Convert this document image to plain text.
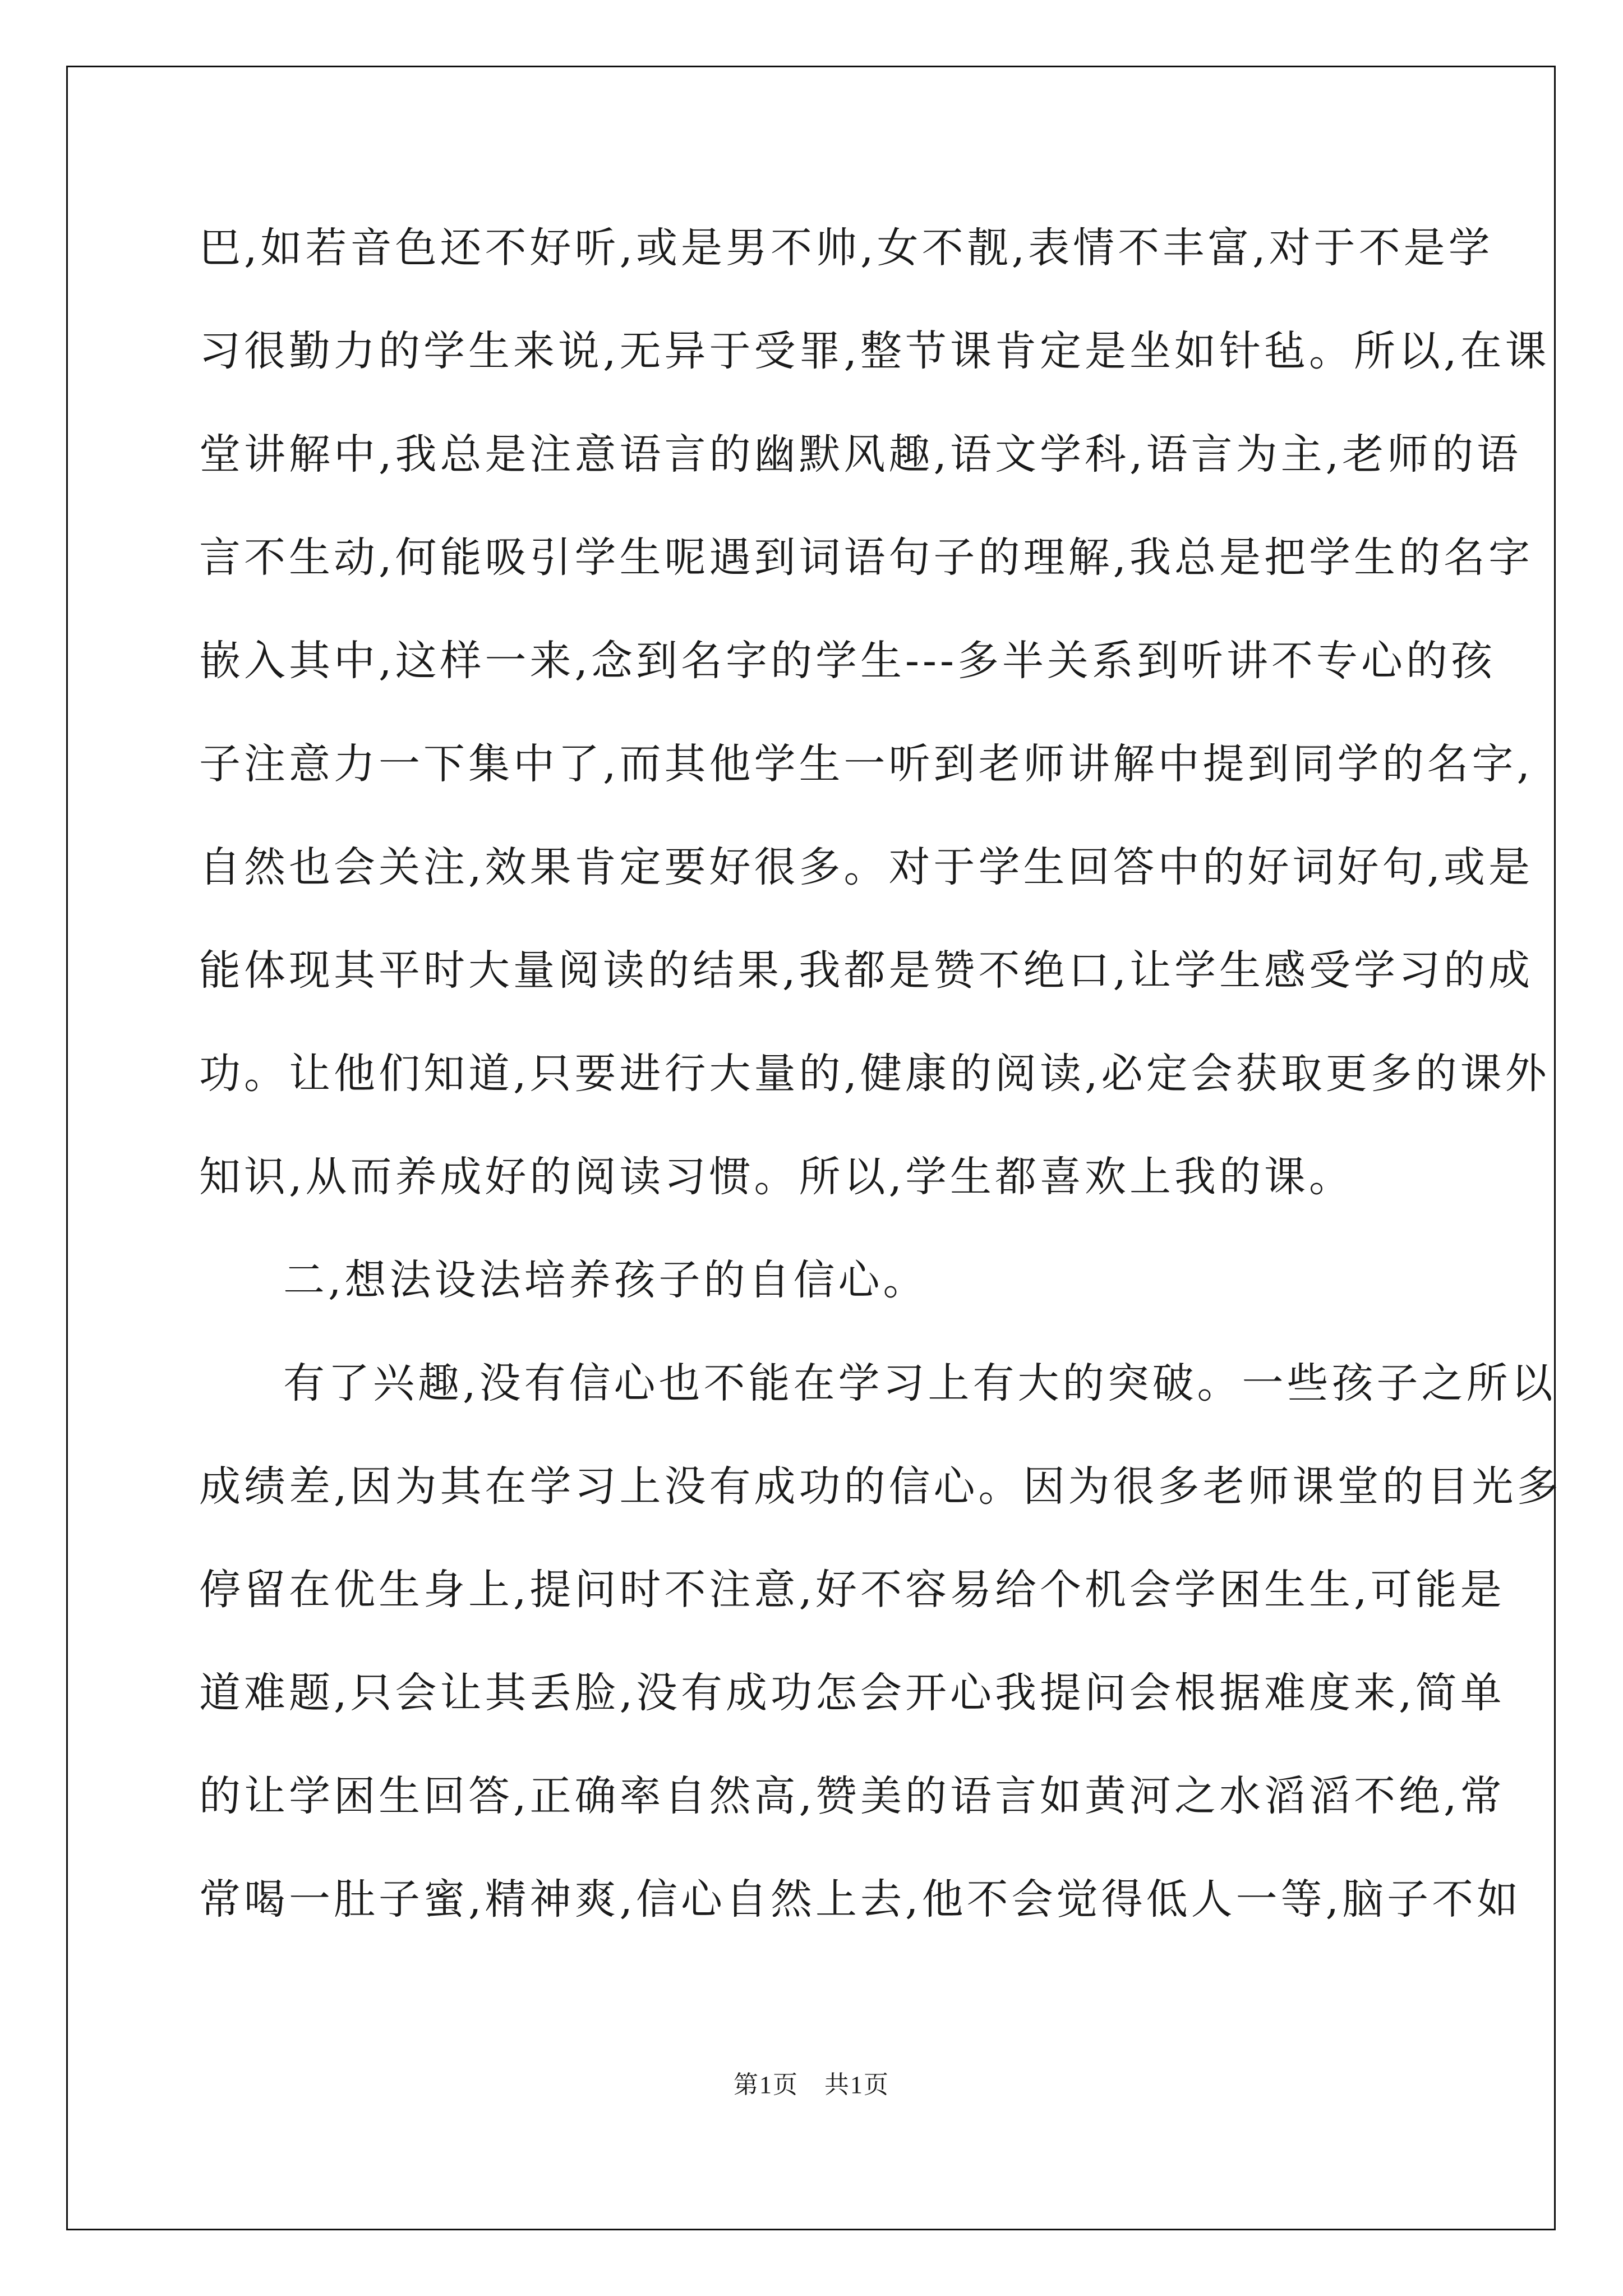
巴,如若音色还不好听,或是男不帅,女不靓,表情不丰富,对于不是学
习很勤力的学生来说,无异于受罪,整节课肯定是坐如针毡。所以,在课
堂讲解中,我总是注意语言的幽默风趣,语文学科,语言为主,老师的语
言不生动,何能吸引学生呢遇到词语句子的理解,我总是把学生的名字
嵌入其中,这样一来,念到名字的学生---多半关系到听讲不专心的孩
子注意力一下集中了,而其他学生一听到老师讲解中提到同学的名字,
自然也会关注,效果肯定要好很多。对于学生回答中的好词好句,或是
能体现其平时大量阅读的结果,我都是赞不绝口,让学生感受学习的成
功。让他们知道,只要进行大量的,健康的阅读,必定会获取更多的课外
知识,从而养成好的阅读习惯。所以,学生都喜欢上我的课。
二,想法设法培养孩子的自信心。
有了兴趣,没有信心也不能在学习上有大的突破。一些孩子之所以
成绩差,因为其在学习上没有成功的信心。因为很多老师课堂的目光多
停留在优生身上,提问时不注意,好不容易给个机会学困生生,可能是
道难题,只会让其丢脸,没有成功怎会开心我提问会根据难度来,简单
的让学困生回答,正确率自然高,赞美的语言如黄河之水滔滔不绝,常
常喝一肚子蜜,精神爽,信心自然上去,他不会觉得低人一等,脑子不如
第1页　共1页
